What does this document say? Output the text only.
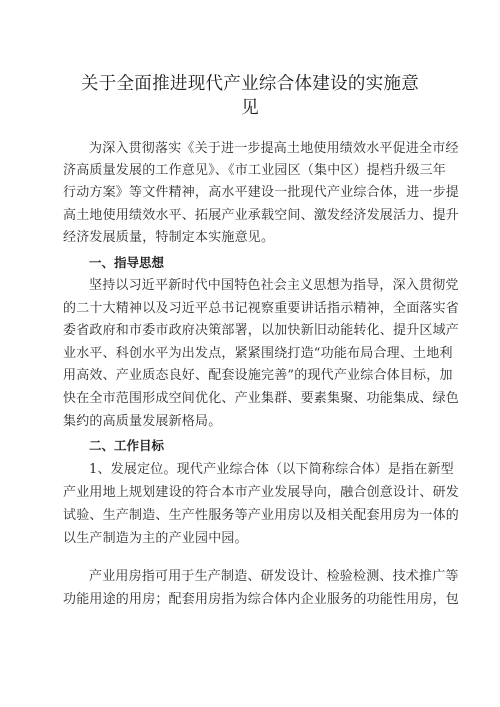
关于全面推进现代产业综合体建设的实施意
见
为深入贯彻落实《关于进一步提高土地使用绩效水平促进全市经
济高质量发展的工作意见》、《市工业园区（集中区）提档升级三年
行动方案》等文件精神，高水平建设一批现代产业综合体，进一步提
高土地使用绩效水平、拓展产业承载空间、激发经济发展活力、提升
经济发展质量，特制定本实施意见。
一、指导思想
坚持以习近平新时代中国特色社会主义思想为指导，深入贯彻党
的二十大精神以及习近平总书记视察重要讲话指示精神，全面落实省
委省政府和市委市政府决策部署，以加快新旧动能转化、提升区域产
业水平、科创水平为出发点，紧紧围绕打造“功能布局合理、土地利
用高效、产业质态良好、配套设施完善”的现代产业综合体目标，加
快在全市范围形成空间优化、产业集群、要素集聚、功能集成、绿色
集约的高质量发展新格局。
二、工作目标
1、发展定位。现代产业综合体（以下简称综合体）是指在新型
产业用地上规划建设的符合本市产业发展导向，融合创意设计、研发
试验、生产制造、生产性服务等产业用房以及相关配套用房为一体的
以生产制造为主的产业园中园。
产业用房指可用于生产制造、研发设计、检验检测、技术推广等
功能用途的用房；配套用房指为综合体内企业服务的功能性用房，包
